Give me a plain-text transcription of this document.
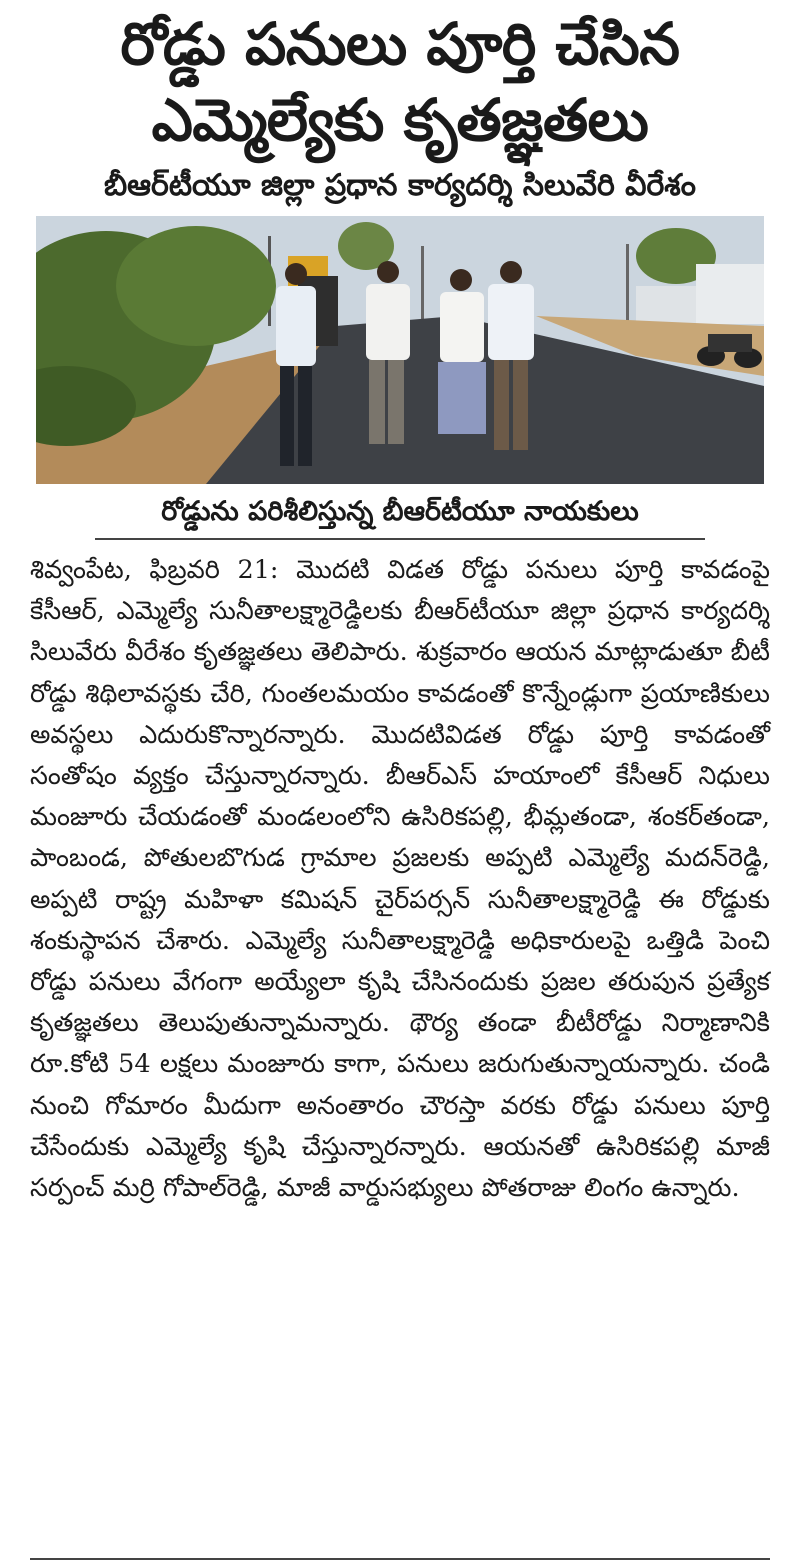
రోడ్డు పనులు పూర్తి చేసిన
ఎమ్మెల్యేకు కృతజ్ఞతలు
బీఆర్‌టీయూ జిల్లా ప్రధాన కార్యదర్శి సిలువేరి వీరేశం
రోడ్డును పరిశీలిస్తున్న బీఆర్‌టీయూ నాయకులు

శివ్వంపేట, ఫిబ్రవరి 21: మొదటి విడత రోడ్డు పనులు పూర్తి కావడంపై కేసీఆర్, ఎమ్మెల్యే సునీతాలక్ష్మారెడ్డిలకు బీఆర్‌టీయూ జిల్లా ప్రధాన కార్యదర్శి సిలువేరు వీరేశం కృతజ్ఞతలు తెలిపారు. శుక్రవారం ఆయన మాట్లాడుతూ బీటీ రోడ్డు శిథిలావస్థకు చేరి, గుంతలమయం కావడంతో కొన్నేండ్లుగా ప్రయాణికులు అవస్థలు ఎదురుకొన్నారన్నారు. మొదటివిడత రోడ్డు పూర్తి కావడంతో సంతోషం వ్యక్తం చేస్తున్నారన్నారు. బీఆర్ఎస్ హయాంలో కేసీఆర్ నిధులు మంజూరు చేయడంతో మండలంలోని ఉసిరికపల్లి, భీమ్లతండా, శంకర్‌తండా, పాంబండ, పోతులబొగుడ గ్రామాల ప్రజలకు అప్పటి ఎమ్మెల్యే మదన్‌రెడ్డి, అప్పటి రాష్ట్ర మహిళా కమిషన్ చైర్‌పర్సన్ సునీతాలక్ష్మారెడ్డి ఈ రోడ్డుకు శంకుస్థాపన చేశారు. ఎమ్మెల్యే సునీతాలక్ష్మారెడ్డి అధికారులపై ఒత్తిడి పెంచి రోడ్డు పనులు వేగంగా అయ్యేలా కృషి చేసినందుకు ప్రజల తరుపున ప్రత్యేక కృతజ్ఞతలు తెలుపుతున్నామన్నారు. థౌర్య తండా బీటీరోడ్డు నిర్మాణానికి రూ.కోటి 54 లక్షలు మంజూరు కాగా, పనులు జరుగుతున్నాయన్నారు. చండి నుంచి గోమారం మీదుగా అనంతారం చౌరస్తా వరకు రోడ్డు పనులు పూర్తి చేసేందుకు ఎమ్మెల్యే కృషి చేస్తున్నారన్నారు. ఆయనతో ఉసిరికపల్లి మాజీ సర్పంచ్ మర్రి గోపాల్‌రెడ్డి, మాజీ వార్డుసభ్యులు పోతరాజు లింగం ఉన్నారు.
